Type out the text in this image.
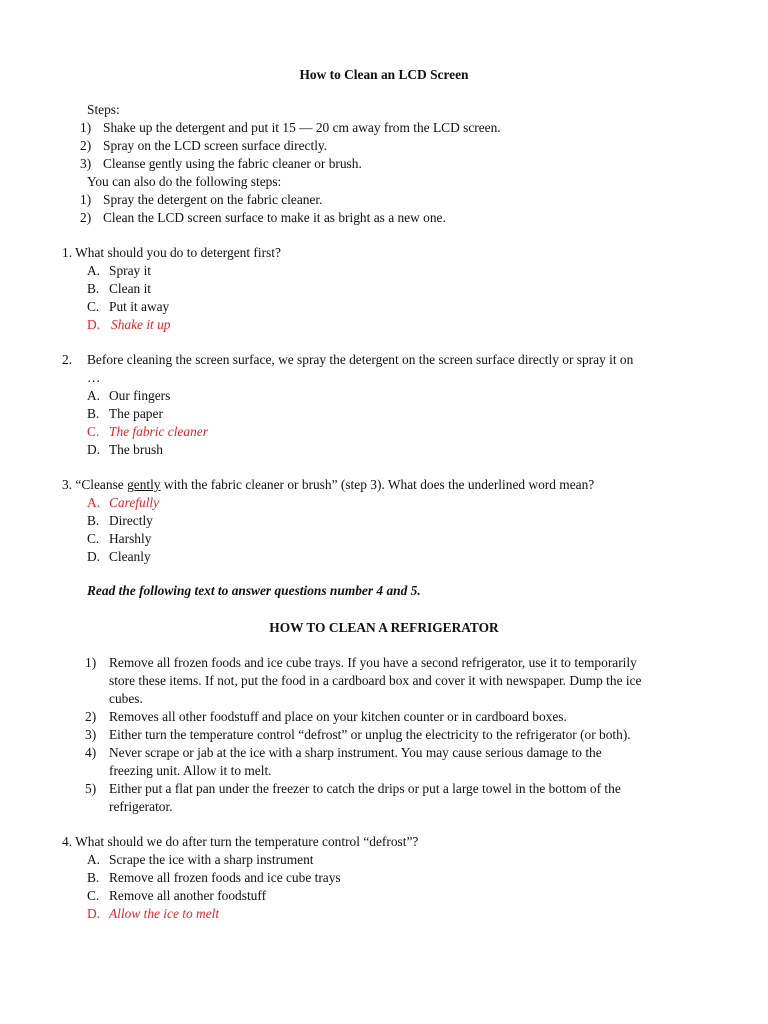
How to Clean an LCD Screen
Steps:
1) Shake up the detergent and put it 15 — 20 cm away from the LCD screen.
2) Spray on the LCD screen surface directly.
3) Cleanse gently using the fabric cleaner or brush.
You can also do the following steps:
1) Spray the detergent on the fabric cleaner.
2) Clean the LCD screen surface to make it as bright as a new one.
1. What should you do to detergent first?
A. Spray it
B. Clean it
C. Put it away
D. Shake it up
2. Before cleaning the screen surface, we spray the detergent on the screen surface directly or spray it on
…
A. Our fingers
B. The paper
C. The fabric cleaner
D. The brush
3. “Cleanse gently with the fabric cleaner or brush” (step 3). What does the underlined word mean?
A. Carefully
B. Directly
C. Harshly
D. Cleanly
Read the following text to answer questions number 4 and 5.
HOW TO CLEAN A REFRIGERATOR
1) Remove all frozen foods and ice cube trays. If you have a second refrigerator, use it to temporarily
store these items. If not, put the food in a cardboard box and cover it with newspaper. Dump the ice
cubes.
2) Removes all other foodstuff and place on your kitchen counter or in cardboard boxes.
3) Either turn the temperature control “defrost” or unplug the electricity to the refrigerator (or both).
4) Never scrape or jab at the ice with a sharp instrument. You may cause serious damage to the
freezing unit. Allow it to melt.
5) Either put a flat pan under the freezer to catch the drips or put a large towel in the bottom of the
refrigerator.
4. What should we do after turn the temperature control “defrost”?
A. Scrape the ice with a sharp instrument
B. Remove all frozen foods and ice cube trays
C. Remove all another foodstuff
D. Allow the ice to melt
